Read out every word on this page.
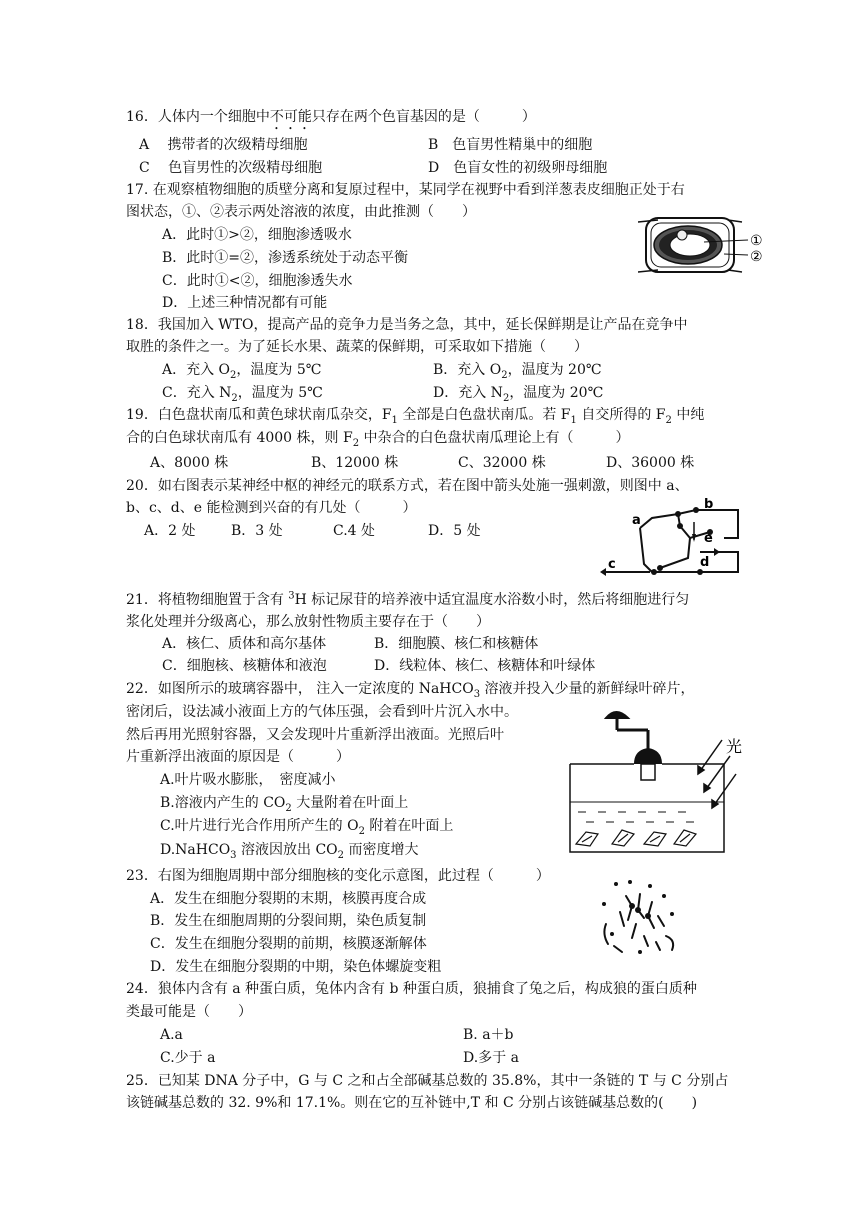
16．人体内一个细胞中不可能只存在两个色盲基因的是（　　　）
A　 携带者的次级精母细胞	B　色盲男性精巢中的细胞
C　 色盲男性的次级精母细胞	D　色盲女性的初级卵母细胞
17. 在观察植物细胞的质壁分离和复原过程中，某同学在视野中看到洋葱表皮细胞正处于右
图状态，①、②表示两处溶液的浓度，由此推测（　　）
A．此时①>②，细胞渗透吸水
B．此时①=②，渗透系统处于动态平衡
C．此时①<②，细胞渗透失水
D．上述三种情况都有可能
①
②
18．我国加入 WTO，提高产品的竞争力是当务之急，其中，延长保鲜期是让产品在竞争中
取胜的条件之一。为了延长水果、蔬菜的保鲜期，可采取如下措施（　　）
A．充入 $O_2$，温度为 5℃	B．充入 $O_2$，温度为 20℃
C．充入 $N_2$，温度为 5℃	D．充入 $N_2$，温度为 20℃
19．白色盘状南瓜和黄色球状南瓜杂交，$F_1$ 全部是白色盘状南瓜。若 $F_1$ 自交所得的 $F_2$ 中纯
合的白色球状南瓜有 4000 株，则 $F_2$ 中杂合的白色盘状南瓜理论上有（　　　）
A、8000 株	B、12000 株	C、32000 株	D、36000 株
20．如右图表示某神经中枢的神经元的联系方式，若在图中箭头处施一强刺激，则图中 a、
b、c、d、e 能检测到兴奋的有几处（　　　）
A．2 处	B．3 处	C.4 处	D．5 处
a
b
c	d
e
21．将植物细胞置于含有 $^3$H 标记尿苷的培养液中适宜温度水浴数小时，然后将细胞进行匀
浆化处理并分级离心，那么放射性物质主要存在于（　　）
A．核仁、质体和高尔基体	B．细胞膜、核仁和核糖体
C．细胞核、核糖体和液泡	D．线粒体、核仁、核糖体和叶绿体
22．如图所示的玻璃容器中， 注入一定浓度的 NaHCO$_3$ 溶液并投入少量的新鲜绿叶碎片，
密闭后，设法减小液面上方的气体压强，会看到叶片沉入水中。
然后再用光照射容器，又会发现叶片重新浮出液面。光照后叶
片重新浮出液面的原因是（　　　）
A.叶片吸水膨胀，　密度减小
B.溶液内产生的 $CO_2$ 大量附着在叶面上
C.叶片进行光合作用所产生的 $O_2$ 附着在叶面上
D.NaHCO$_3$ 溶液因放出 $CO_2$ 而密度增大
光
23．右图为细胞周期中部分细胞核的变化示意图，此过程（　　　）
A．发生在细胞分裂期的末期，核膜再度合成
B．发生在细胞周期的分裂间期，染色质复制
C．发生在细胞分裂期的前期，核膜逐渐解体
D．发生在细胞分裂期的中期，染色体螺旋变粗
24．狼体内含有 a 种蛋白质，兔体内含有 b 种蛋白质，狼捕食了兔之后，构成狼的蛋白质种
类最可能是（　　）
A.a	B. a＋b
C.少于 a	D.多于 a
25．已知某 DNA 分子中，G 与 C 之和占全部碱基总数的 35.8%，其中一条链的 T 与 C 分别占
该链碱基总数的 32. 9%和 17.1%。则在它的互补链中,T 和 C 分别占该链碱基总数的(　　)
